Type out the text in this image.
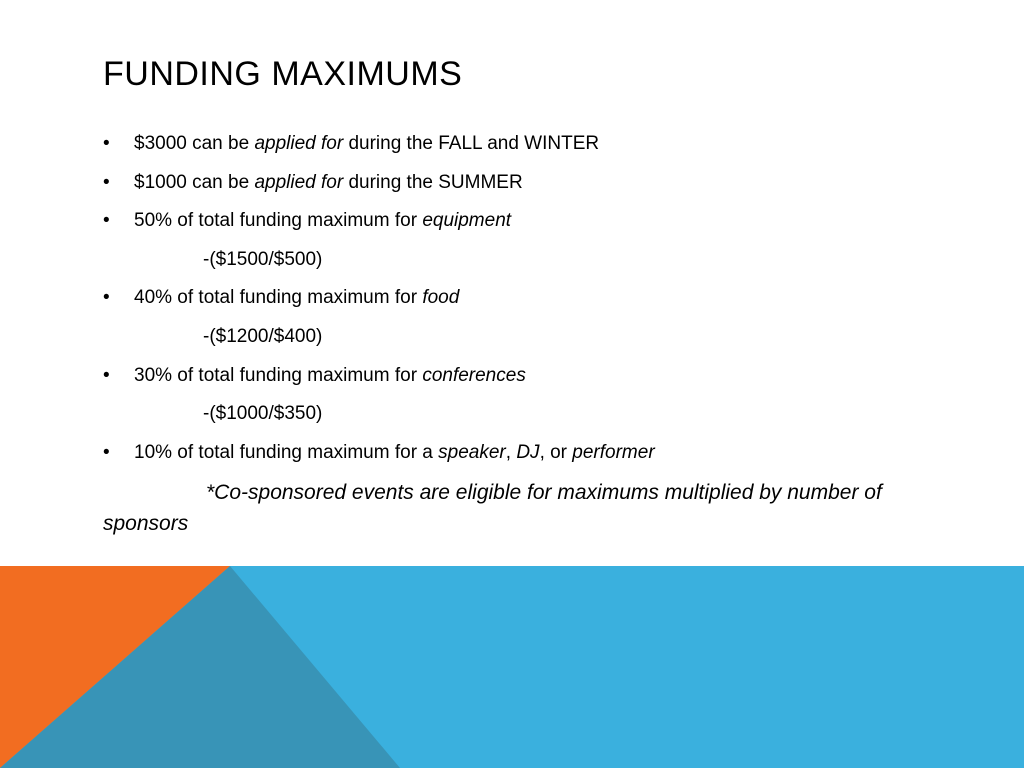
FUNDING MAXIMUMS
•	$3000 can be applied for during the FALL and WINTER
•	$1000 can be applied for during the SUMMER
•	50% of total funding maximum for equipment
-($1500/$500)
•	40% of total funding maximum for food
-($1200/$400)
•	30% of total funding maximum for conferences
-($1000/$350)
•	10% of total funding maximum for a speaker, DJ, or performer
*Co-sponsored events are eligible for maximums multiplied by number of sponsors
